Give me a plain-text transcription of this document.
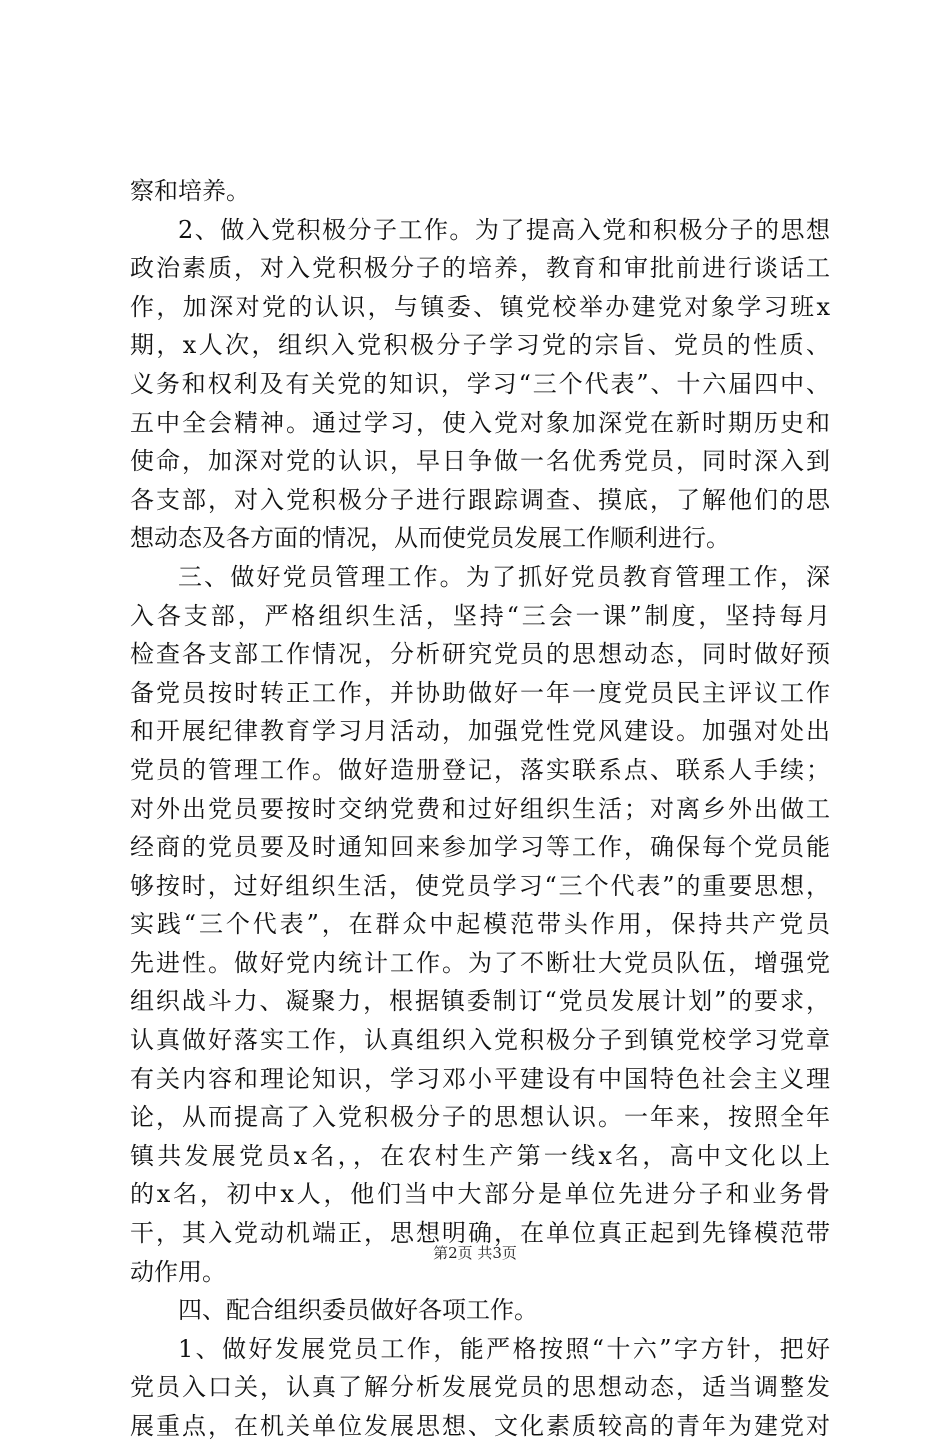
察和培养。
2、做入党积极分子工作。为了提高入党和积极分子的思想
政治素质，对入党积极分子的培养，教育和审批前进行谈话工
作，加深对党的认识，与镇委、镇党校举办建党对象学习班x
期，x人次，组织入党积极分子学习党的宗旨、党员的性质、
义务和权利及有关党的知识，学习“三个代表”、十六届四中、
五中全会精神。通过学习，使入党对象加深党在新时期历史和
使命，加深对党的认识，早日争做一名优秀党员，同时深入到
各支部，对入党积极分子进行跟踪调查、摸底，了解他们的思
想动态及各方面的情况，从而使党员发展工作顺利进行。
三、做好党员管理工作。为了抓好党员教育管理工作，深
入各支部，严格组织生活，坚持“三会一课”制度，坚持每月
检查各支部工作情况，分析研究党员的思想动态，同时做好预
备党员按时转正工作，并协助做好一年一度党员民主评议工作
和开展纪律教育学习月活动，加强党性党风建设。加强对处出
党员的管理工作。做好造册登记，落实联系点、联系人手续；
对外出党员要按时交纳党费和过好组织生活；对离乡外出做工
经商的党员要及时通知回来参加学习等工作，确保每个党员能
够按时，过好组织生活，使党员学习“三个代表”的重要思想，
实践“三个代表”，在群众中起模范带头作用，保持共产党员
先进性。做好党内统计工作。为了不断壮大党员队伍，增强党
组织战斗力、凝聚力，根据镇委制订“党员发展计划”的要求，
认真做好落实工作，认真组织入党积极分子到镇党校学习党章
有关内容和理论知识，学习邓小平建设有中国特色社会主义理
论，从而提高了入党积极分子的思想认识。一年来，按照全年
镇共发展党员x名，，在农村生产第一线x名，高中文化以上
的x名，初中x人，他们当中大部分是单位先进分子和业务骨
干，其入党动机端正，思想明确，在单位真正起到先锋模范带
动作用。
四、配合组织委员做好各项工作。
1、做好发展党员工作，能严格按照“十六”字方针，把好
党员入口关，认真了解分析发展党员的思想动态，适当调整发
展重点，在机关单位发展思想、文化素质较高的青年为建党对
第2页 共3页
